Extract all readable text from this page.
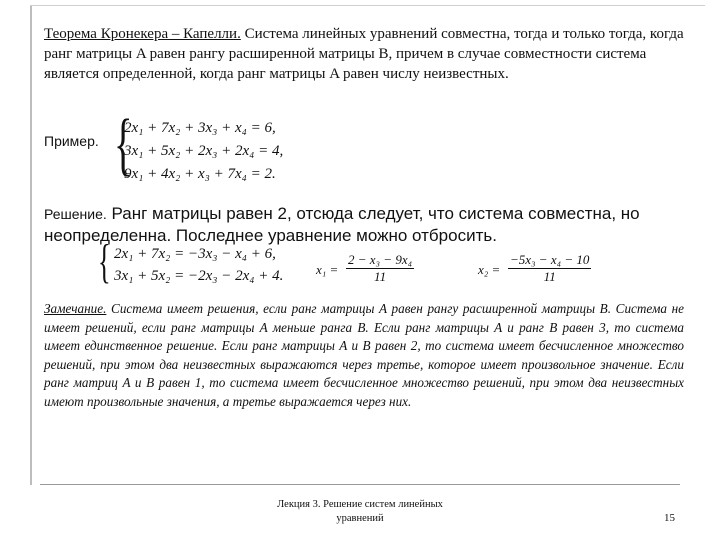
Теорема Кронекера – Капелли. Система линейных уравнений совместна, тогда и только тогда, когда ранг матрицы A равен рангу расширенной матрицы B, причем в случае совместности система является определенной, когда ранг матрицы A равен числу неизвестных.
Пример. {
2x₁ + 7x₂ + 3x₃ + x₄ = 6,
3x₁ + 5x₂ + 2x₃ + 2x₄ = 4,
9x₁ + 4x₂ + x₃ + 7x₄ = 2.
Решение. Ранг матрицы равен 2, отсюда следует, что система совместна, но неопределенна. Последнее уравнение можно отбросить.
{ 2x₁ + 7x₂ = −3x₃ − x₄ + 6,
3x₁ + 5x₂ = −2x₃ − 2x₄ + 4.	$x_1 = \frac{\text{2 − x₃ − 9x₄}}{11}$	$x_2 = \frac{\text{−5x₃ − x₄ − 10}}{11}$
Замечание. Система имеет решения, если ранг матрицы A равен рангу расширенной матрицы B. Система не имеет решений, если ранг матрицы A меньше ранга B. Если ранг матрицы A и ранг B равен 3, то система имеет единственное решение. Если ранг матрицы A и B равен 2, то система имеет бесчисленное множество решений, при этом два неизвестных выражаются через третье, которое имеет произвольное значение. Если ранг матриц A и B равен 1, то система имеет бесчисленное множество решений, при этом два неизвестных имеют произвольные значения, а третье выражается через них.
Лекция 3. Решение систем линейных
уравнений	15
